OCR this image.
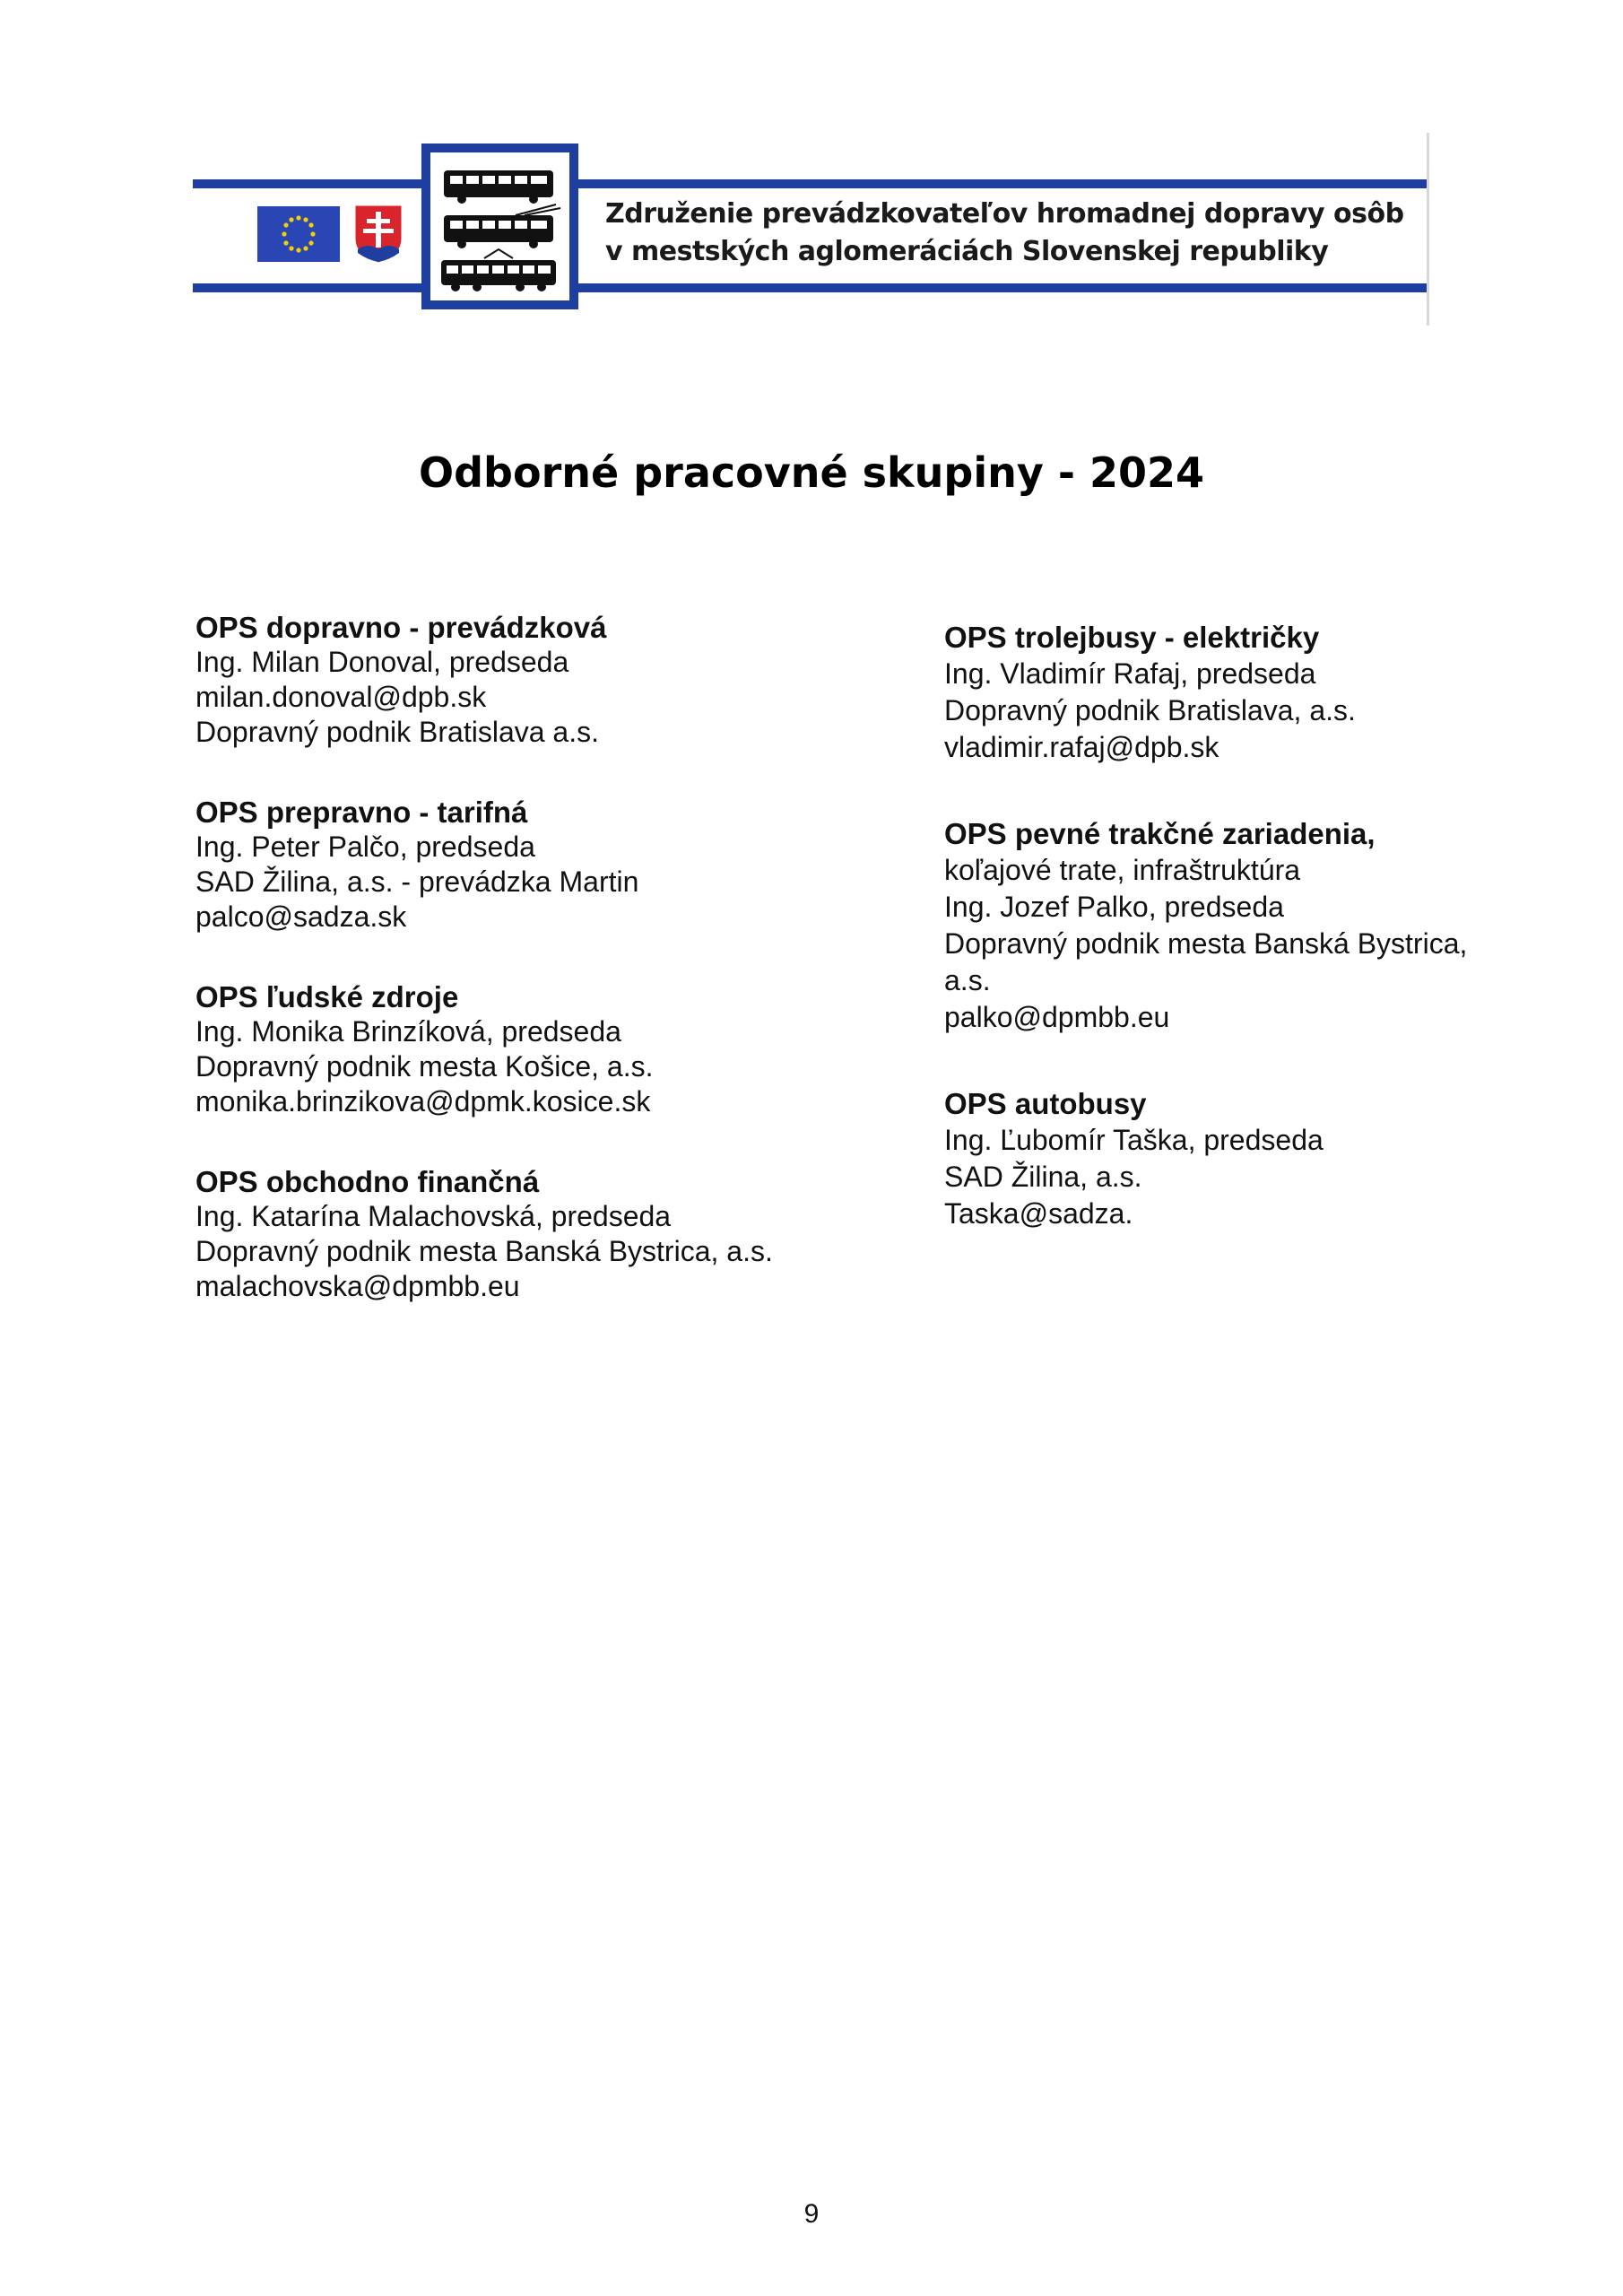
Združenie prevádzkovateľov hromadnej dopravy osôb
v mestských aglomeráciách Slovenskej republiky
Odborné pracovné skupiny - 2024
OPS dopravno - prevádzková
Ing. Milan Donoval, predseda
milan.donoval@dpb.sk
Dopravný podnik Bratislava a.s.
OPS prepravno - tarifná
Ing. Peter Palčo, predseda
SAD Žilina, a.s. - prevádzka Martin
palco@sadza.sk
OPS ľudské zdroje
Ing. Monika Brinzíková, predseda
Dopravný podnik mesta Košice, a.s.
monika.brinzikova@dpmk.kosice.sk
OPS obchodno finančná
Ing. Katarína Malachovská, predseda
Dopravný podnik mesta Banská Bystrica, a.s.
malachovska@dpmbb.eu
OPS trolejbusy - električky
Ing. Vladimír Rafaj, predseda
Dopravný podnik Bratislava, a.s.
vladimir.rafaj@dpb.sk
OPS pevné trakčné zariadenia,
koľajové trate, infraštruktúra
Ing. Jozef Palko, predseda
Dopravný podnik mesta Banská Bystrica,
a.s.
palko@dpmbb.eu
OPS autobusy
Ing. Ľubomír Taška, predseda
SAD Žilina, a.s.
Taska@sadza.
9
